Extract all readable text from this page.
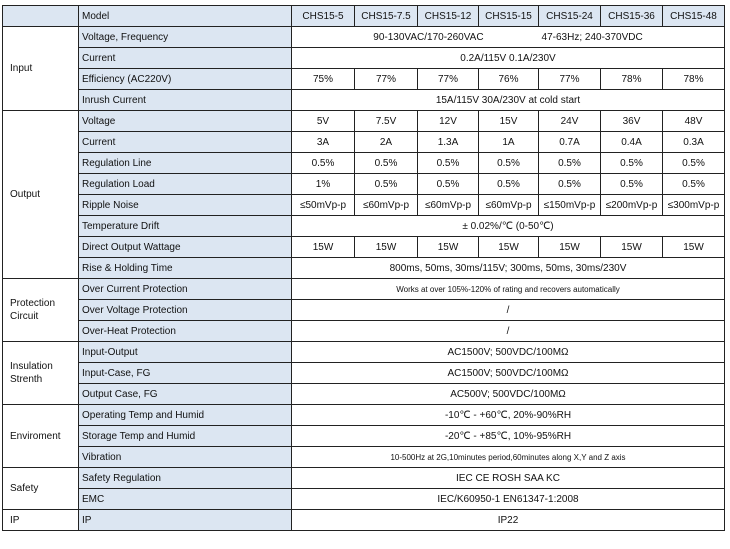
	Model	CHS15-5	CHS15-7.5	CHS15-12	CHS15-15	CHS15-24	CHS15-36	CHS15-48
Input	Voltage, Frequency	90-130VAC/170-260VAC 47-63Hz; 240-370VDC						
	Current	0.2A/115V 0.1A/230V						
	Efficiency (AC220V)	75%	77%	77%	76%	77%	78%	78%
	Inrush Current	15A/115V 30A/230V at cold start						
Output	Voltage	5V	7.5V	12V	15V	24V	36V	48V
	Current	3A	2A	1.3A	1A	0.7A	0.4A	0.3A
	Regulation Line	0.5%	0.5%	0.5%	0.5%	0.5%	0.5%	0.5%
	Regulation Load	1%	0.5%	0.5%	0.5%	0.5%	0.5%	0.5%
	Ripple Noise	≤50mVp-p	≤60mVp-p	≤60mVp-p	≤60mVp-p	≤150mVp-p	≤200mVp-p	≤300mVp-p
	Temperature Drift	± 0.02%/℃ (0-50℃)						
	Direct Output Wattage	15W	15W	15W	15W	15W	15W	15W
	Rise & Holding Time	800ms, 50ms, 30ms/115V; 300ms, 50ms, 30ms/230V						
Protection Circuit	Over Current Protection	Works at over 105%-120% of rating and recovers automatically						
	Over Voltage Protection	/						
	Over-Heat Protection	/						
Insulation Strenth	Input-Output	AC1500V; 500VDC/100MΩ						
	Input-Case, FG	AC1500V; 500VDC/100MΩ						
	Output Case, FG	AC500V; 500VDC/100MΩ						
Enviroment	Operating Temp and Humid	-10℃ - +60℃, 20%-90%RH						
	Storage Temp and Humid	-20℃ - +85℃, 10%-95%RH						
	Vibration	10-500Hz at 2G,10minutes period,60minutes along X,Y and Z axis						
Safety	Safety Regulation	IEC CE ROSH SAA KC						
	EMC	IEC/K60950-1 EN61347-1:2008						
IP	IP	IP22						
